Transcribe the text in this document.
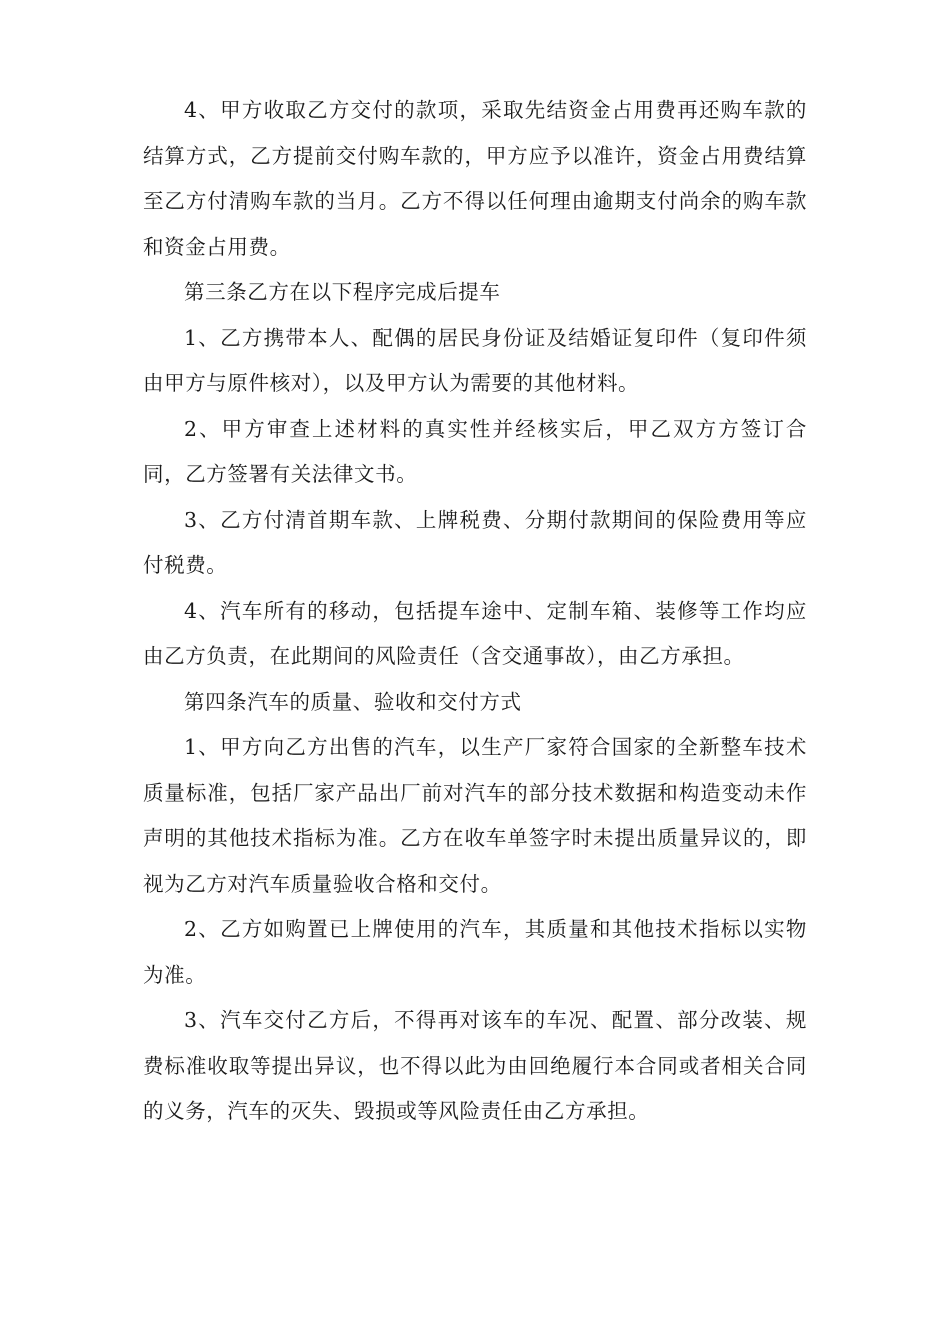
4、甲方收取乙方交付的款项，采取先结资金占用费再还购车款的结算方式，乙方提前交付购车款的，甲方应予以准许，资金占用费结算至乙方付清购车款的当月。乙方不得以任何理由逾期支付尚余的购车款和资金占用费。

第三条乙方在以下程序完成后提车

1、乙方携带本人、配偶的居民身份证及结婚证复印件（复印件须由甲方与原件核对），以及甲方认为需要的其他材料。

2、甲方审查上述材料的真实性并经核实后，甲乙双方方签订合同，乙方签署有关法律文书。

3、乙方付清首期车款、上牌税费、分期付款期间的保险费用等应付税费。

4、汽车所有的移动，包括提车途中、定制车箱、装修等工作均应由乙方负责，在此期间的风险责任（含交通事故），由乙方承担。

第四条汽车的质量、验收和交付方式

1、甲方向乙方出售的汽车，以生产厂家符合国家的全新整车技术质量标准，包括厂家产品出厂前对汽车的部分技术数据和构造变动未作声明的其他技术指标为准。乙方在收车单签字时未提出质量异议的，即视为乙方对汽车质量验收合格和交付。

2、乙方如购置已上牌使用的汽车，其质量和其他技术指标以实物为准。

3、汽车交付乙方后，不得再对该车的车况、配置、部分改装、规费标准收取等提出异议，也不得以此为由回绝履行本合同或者相关合同的义务，汽车的灭失、毁损或等风险责任由乙方承担。
